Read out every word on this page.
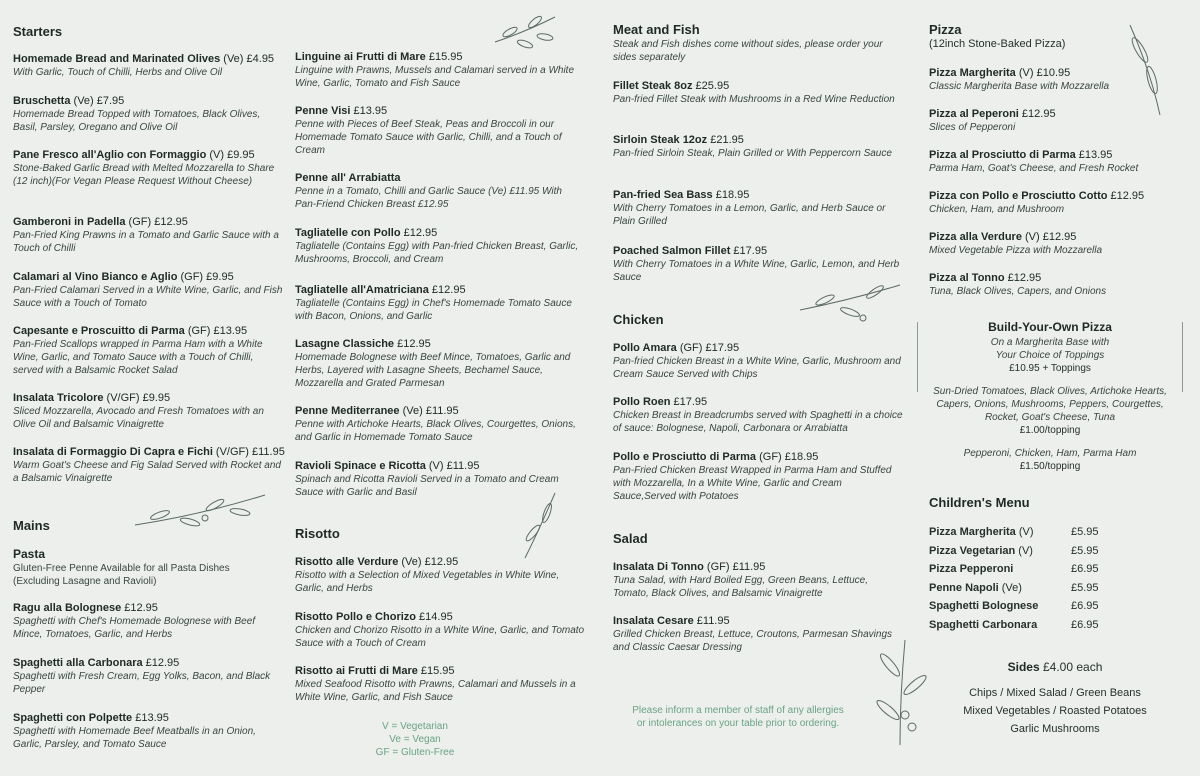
Starters
Mains
Pasta
Gluten-Free Penne Available for all Pasta Dishes (Excluding Lasagne and Ravioli)
Risotto
V = Vegetarian
Ve = Vegan
GF = Gluten-Free
Meat and Fish
Steak and Fish dishes come without sides, please order your sides separately
Chicken
Salad
Please inform a member of staff of any allergies or intolerances on your table prior to ordering.
Pizza
(12inch Stone-Baked Pizza)
Build-Your-Own Pizza
On a Margherita Base with
Your Choice of Toppings
£10.95 + Toppings
Sun-Dried Tomatoes, Black Olives, Artichoke Hearts, Capers, Onions, Mushrooms, Peppers, Courgettes, Rocket, Goat's Cheese, Tuna
£1.00/topping
Pepperoni, Chicken, Ham, Parma Ham
£1.50/topping
Children's Menu
Sides £4.00 each
Chips / Mixed Salad / Green Beans
Mixed Vegetables / Roasted Potatoes
Garlic Mushrooms
Homemade Bread and Marinated Olives (Ve) £4.95
With Garlic, Touch of Chilli, Herbs and Olive Oil
Bruschetta (Ve) £7.95
Homemade Bread Topped with Tomatoes, Black Olives, Basil, Parsley, Oregano and Olive Oil
Pane Fresco all'Aglio con Formaggio (V) £9.95
Stone-Baked Garlic Bread with Melted Mozzarella to Share (12 inch)(For Vegan Please Request Without Cheese)
Gamberoni in Padella (GF) £12.95
Pan-Fried King Prawns in a Tomato and Garlic Sauce with a Touch of Chilli
Calamari al Vino Bianco e Aglio (GF) £9.95
Pan-Fried Calamari Served in a White Wine, Garlic, and Fish Sauce with a Touch of Tomato
Capesante e Proscuitto di Parma (GF) £13.95
Pan-Fried Scallops wrapped in Parma Ham with a White Wine, Garlic, and Tomato Sauce with a Touch of Chilli, served with a Balsamic Rocket Salad
Insalata Tricolore (V/GF) £9.95
Sliced Mozzarella, Avocado and Fresh Tomatoes with an Olive Oil and Balsamic Vinaigrette
Insalata di Formaggio Di Capra e Fichi (V/GF) £11.95
Warm Goat's Cheese and Fig Salad Served with Rocket and a Balsamic Vinaigrette
Ragu alla Bolognese £12.95
Spaghetti with Chef's Homemade Bolognese with Beef Mince, Tomatoes, Garlic, and Herbs
Spaghetti alla Carbonara £12.95
Spaghetti with Fresh Cream, Egg Yolks, Bacon, and Black Pepper
Spaghetti con Polpette £13.95
Spaghetti with Homemade Beef Meatballs in an Onion, Garlic, Parsley, and Tomato Sauce
Linguine ai Frutti di Mare £15.95
Linguine with Prawns, Mussels and Calamari served in a White Wine, Garlic, Tomato and Fish Sauce
Penne Visi £13.95
Penne with Pieces of Beef Steak, Peas and Broccoli in our Homemade Tomato Sauce with Garlic, Chilli, and a Touch of Cream
Penne all' Arrabiatta
Penne in a Tomato, Chilli and Garlic Sauce (Ve) £11.95 With Pan-Friend Chicken Breast £12.95
Tagliatelle con Pollo £12.95
Tagliatelle (Contains Egg) with Pan-fried Chicken Breast, Garlic, Mushrooms, Broccoli, and Cream
Tagliatelle all'Amatriciana £12.95
Tagliatelle (Contains Egg) in Chef's Homemade Tomato Sauce with Bacon, Onions, and Garlic
Lasagne Classiche £12.95
Homemade Bolognese with Beef Mince, Tomatoes, Garlic and Herbs, Layered with Lasagne Sheets, Bechamel Sauce, Mozzarella and Grated Parmesan
Penne Mediterranee (Ve) £11.95
Penne with Artichoke Hearts, Black Olives, Courgettes, Onions, and Garlic in Homemade Tomato Sauce
Ravioli Spinace e Ricotta (V) £11.95
Spinach and Ricotta Ravioli Served in a Tomato and Cream Sauce with Garlic and Basil
Risotto alle Verdure (Ve) £12.95
Risotto with a Selection of Mixed Vegetables in White Wine, Garlic, and Herbs
Risotto Pollo e Chorizo £14.95
Chicken and Chorizo Risotto in a White Wine, Garlic, and Tomato Sauce with a Touch of Cream
Risotto ai Frutti di Mare £15.95
Mixed Seafood Risotto with Prawns, Calamari and Mussels in a White Wine, Garlic, and Fish Sauce
Fillet Steak 8oz £25.95
Pan-fried Fillet Steak with Mushrooms in a Red Wine Reduction
Sirloin Steak 12oz £21.95
Pan-fried Sirloin Steak, Plain Grilled or With Peppercorn Sauce
Pan-fried Sea Bass £18.95
With Cherry Tomatoes in a Lemon, Garlic, and Herb Sauce or Plain Grilled
Poached Salmon Fillet £17.95
With Cherry Tomatoes in a White Wine, Garlic, Lemon, and Herb Sauce
Pollo Amara (GF) £17.95
Pan-fried Chicken Breast in a White Wine, Garlic, Mushroom and Cream Sauce Served with Chips
Pollo Roen £17.95
Chicken Breast in Breadcrumbs served with Spaghetti in a choice of sauce: Bolognese, Napoli, Carbonara or Arrabiatta
Pollo e Prosciutto di Parma (GF) £18.95
Pan-Fried Chicken Breast Wrapped in Parma Ham and Stuffed with Mozzarella, In a White Wine, Garlic and Cream Sauce,Served with Potatoes
Insalata Di Tonno (GF) £11.95
Tuna Salad, with Hard Boiled Egg, Green Beans, Lettuce, Tomato, Black Olives, and Balsamic Vinaigrette
Insalata Cesare £11.95
Grilled Chicken Breast, Lettuce, Croutons, Parmesan Shavings and Classic Caesar Dressing
Pizza Margherita (V) £10.95
Classic Margherita Base with Mozzarella
Pizza al Peperoni £12.95
Slices of Pepperoni
Pizza al Prosciutto di Parma £13.95
Parma Ham, Goat's Cheese, and Fresh Rocket
Pizza con Pollo e Prosciutto Cotto £12.95
Chicken, Ham, and Mushroom
Pizza alla Verdure (V) £12.95
Mixed Vegetable Pizza with Mozzarella
Pizza al Tonno £12.95
Tuna, Black Olives, Capers, and Onions
Pizza Margherita (V)	£5.95
Pizza Vegetarian (V)	£5.95
Pizza Pepperoni	£6.95
Penne Napoli (Ve)	£5.95
Spaghetti Bolognese	£6.95
Spaghetti Carbonara	£6.95
